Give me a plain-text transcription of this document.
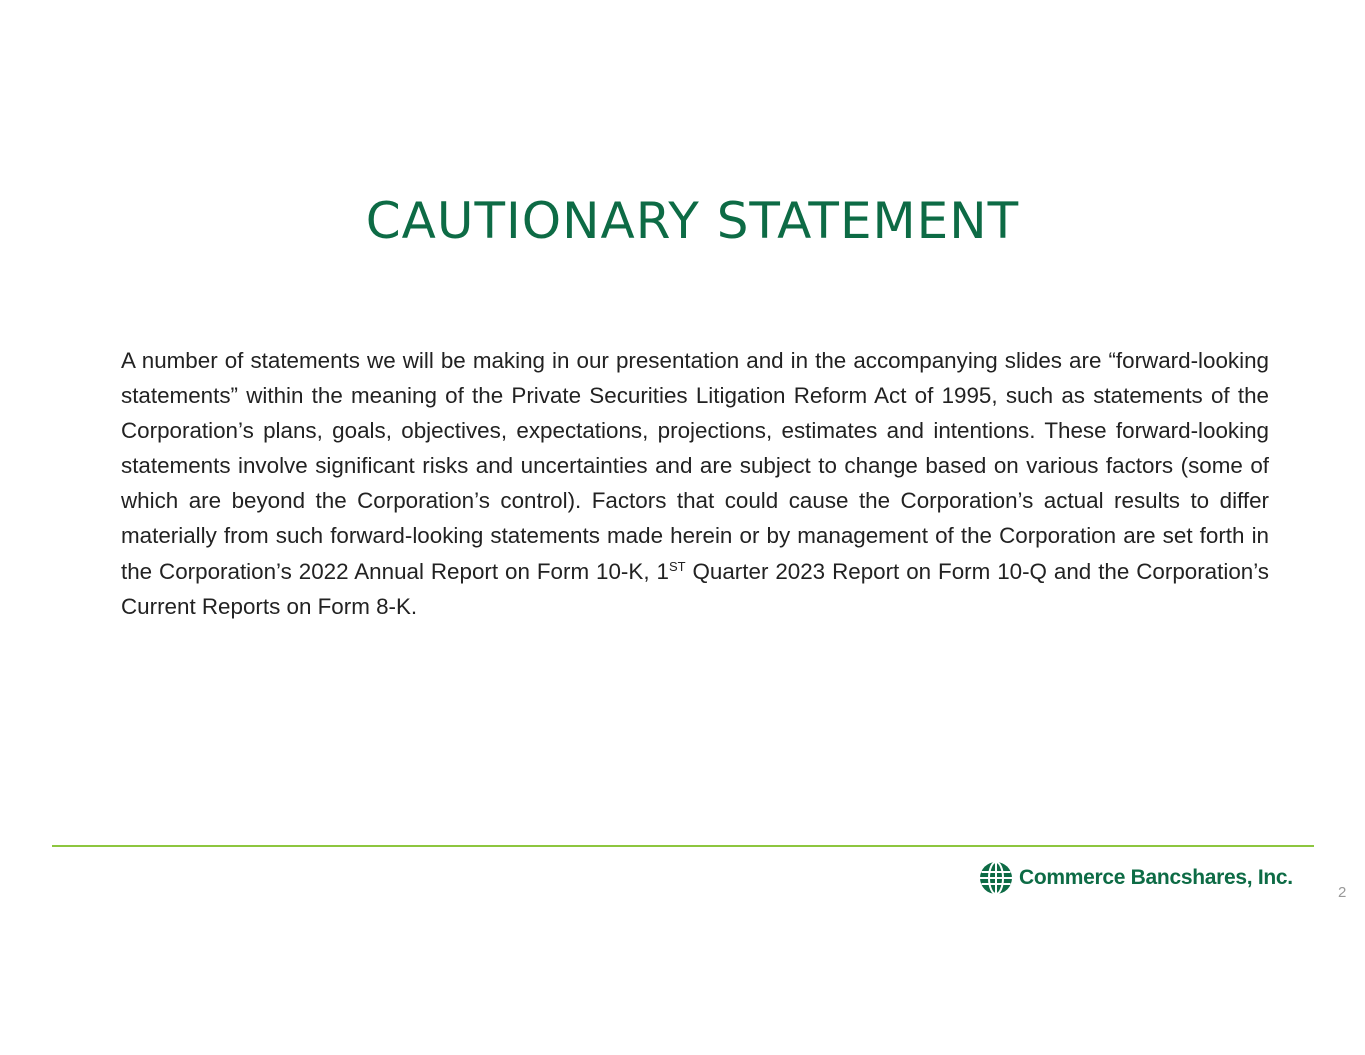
CAUTIONARY STATEMENT

A number of statements we will be making in our presentation and in the accompanying slides are “forward-looking statements” within the meaning of the Private Securities Litigation Reform Act of 1995, such as statements of the Corporation’s plans, goals, objectives, expectations, projections, estimates and intentions. These forward-looking statements involve significant risks and uncertainties and are subject to change based on various factors (some of which are beyond the Corporation’s control). Factors that could cause the Corporation’s actual results to differ materially from such forward-looking statements made herein or by management of the Corporation are set forth in the Corporation’s 2022 Annual Report on Form 10-K, 1ST Quarter 2023 Report on Form 10-Q and the Corporation’s Current Reports on Form 8-K.

Commerce Bancshares, Inc.
2
